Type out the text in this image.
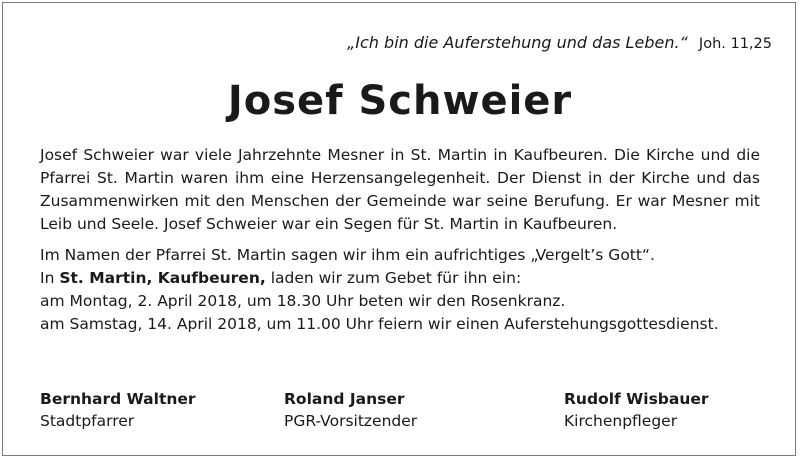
„Ich bin die Auferstehung und das Leben.“ Joh. 11,25
Josef Schweier

Josef Schweier war viele Jahrzehnte Mesner in St. Martin in Kaufbeuren. Die Kirche und die Pfarrei St. Martin waren ihm eine Herzensangelegenheit. Der Dienst in der Kirche und das Zusammenwirken mit den Menschen der Gemeinde war seine Berufung. Er war Mesner mit Leib und Seele. Josef Schweier war ein Segen für St. Martin in Kaufbeuren.

Im Namen der Pfarrei St. Martin sagen wir ihm ein aufrichtiges „Vergelt’s Gott“.

In St. Martin, Kaufbeuren, laden wir zum Gebet für ihn ein:

am Montag, 2. April 2018, um 18.30 Uhr beten wir den Rosenkranz.

am Samstag, 14. April 2018, um 11.00 Uhr feiern wir einen Auferstehungsgottesdienst.

Bernhard Waltner
Stadtpfarrer
Roland Janser
PGR-Vorsitzender
Rudolf Wisbauer
Kirchenpfleger
